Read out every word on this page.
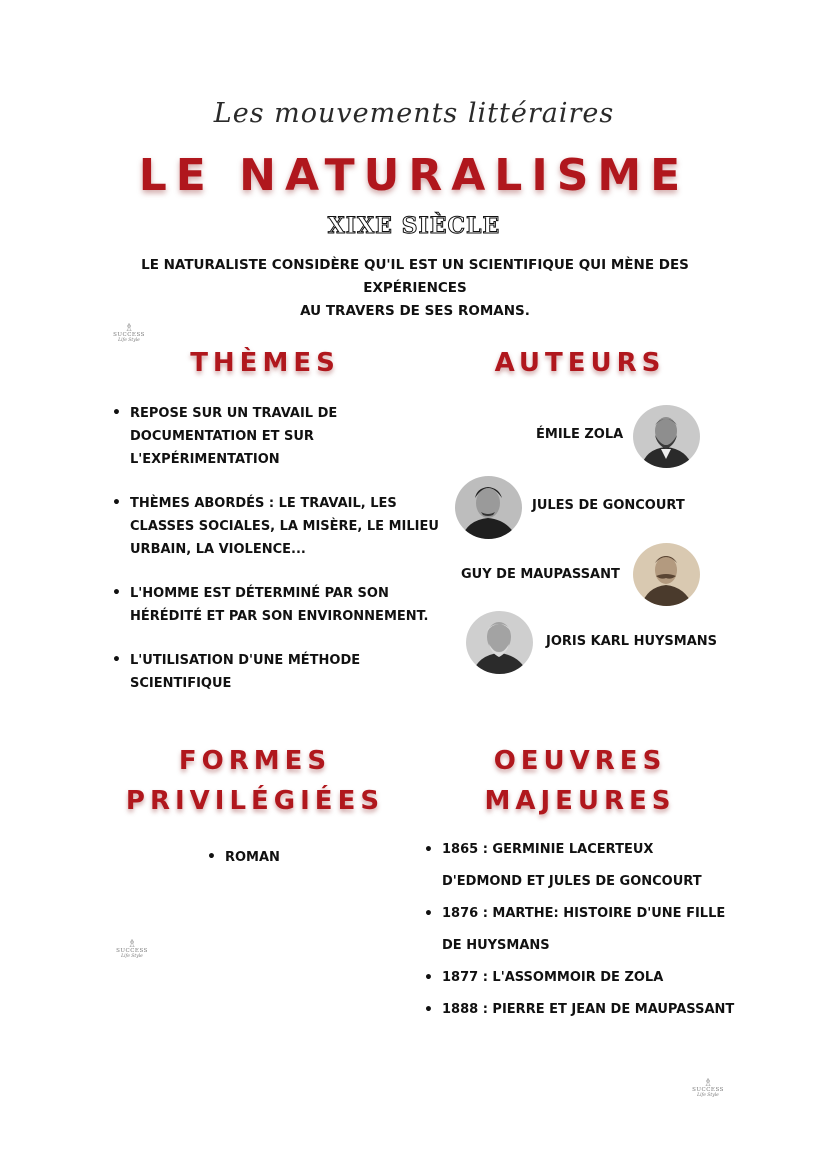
Les mouvements littéraires
LE NATURALISME
XIXE SIÈCLE
LE NATURALISTE CONSIDÈRE QU'IL EST UN SCIENTIFIQUE QUI MÈNE DES EXPÉRIENCES
AU TRAVERS DE SES ROMANS.
♗
SUCCESS
Life Style
♗
SUCCESS
Life Style
♗
SUCCESS
Life Style
THÈMES
• REPOSE SUR UN TRAVAIL DE DOCUMENTATION ET SUR L'EXPÉRIMENTATION
• THÈMES ABORDÉS : LE TRAVAIL, LES CLASSES SOCIALES, LA MISÈRE, LE MILIEU URBAIN, LA VIOLENCE...
• L'HOMME EST DÉTERMINÉ PAR SON HÉRÉDITÉ ET PAR SON ENVIRONNEMENT.
• L'UTILISATION D'UNE MÉTHODE SCIENTIFIQUE
AUTEURS
ÉMILE ZOLA
JULES DE GONCOURT
GUY DE MAUPASSANT
JORIS KARL HUYSMANS
FORMES
PRIVILÉGIÉES
• ROMAN
OEUVRES
MAJEURES
• 1865 : GERMINIE LACERTEUX D'EDMOND ET JULES DE GONCOURT
• 1876 : MARTHE: HISTOIRE D'UNE FILLE DE HUYSMANS
• 1877 : L'ASSOMMOIR DE ZOLA
• 1888 : PIERRE ET JEAN DE MAUPASSANT
